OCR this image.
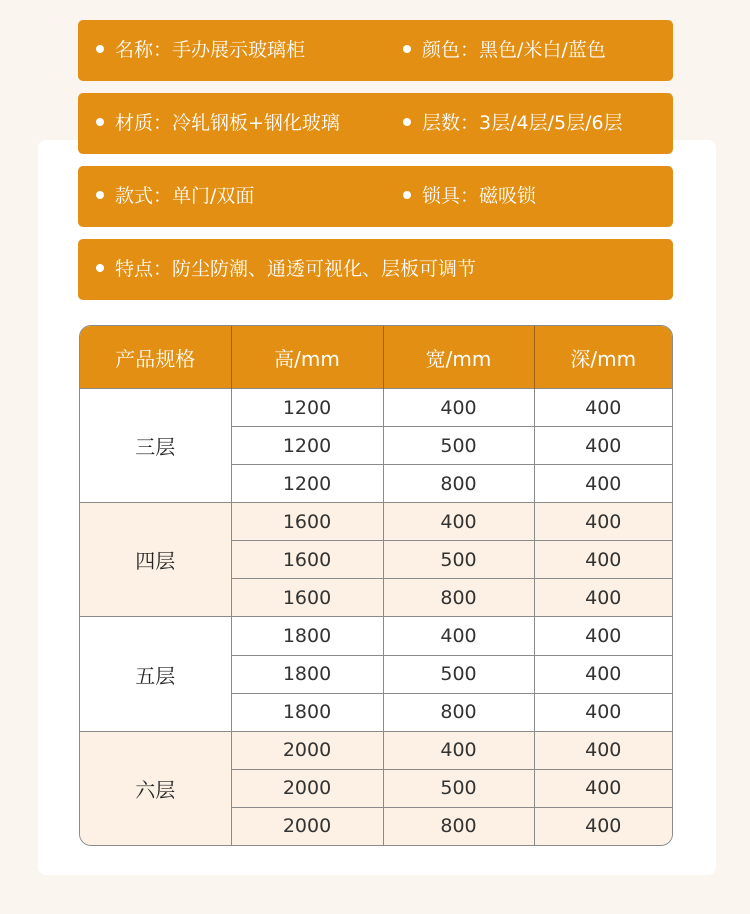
名称：手办展示玻璃柜	颜色：黑色/米白/蓝色
材质：冷轧钢板+钢化玻璃	层数：3层/4层/5层/6层
款式：单门/双面	锁具：磁吸锁
特点：防尘防潮、通透可视化、层板可调节
产品规格	高/mm	宽/mm	深/mm
三层	1200	400	400
	1200	500	400
	1200	800	400
四层	1600	400	400
	1600	500	400
	1600	800	400
五层	1800	400	400
	1800	500	400
	1800	800	400
六层	2000	400	400
	2000	500	400
	2000	800	400
